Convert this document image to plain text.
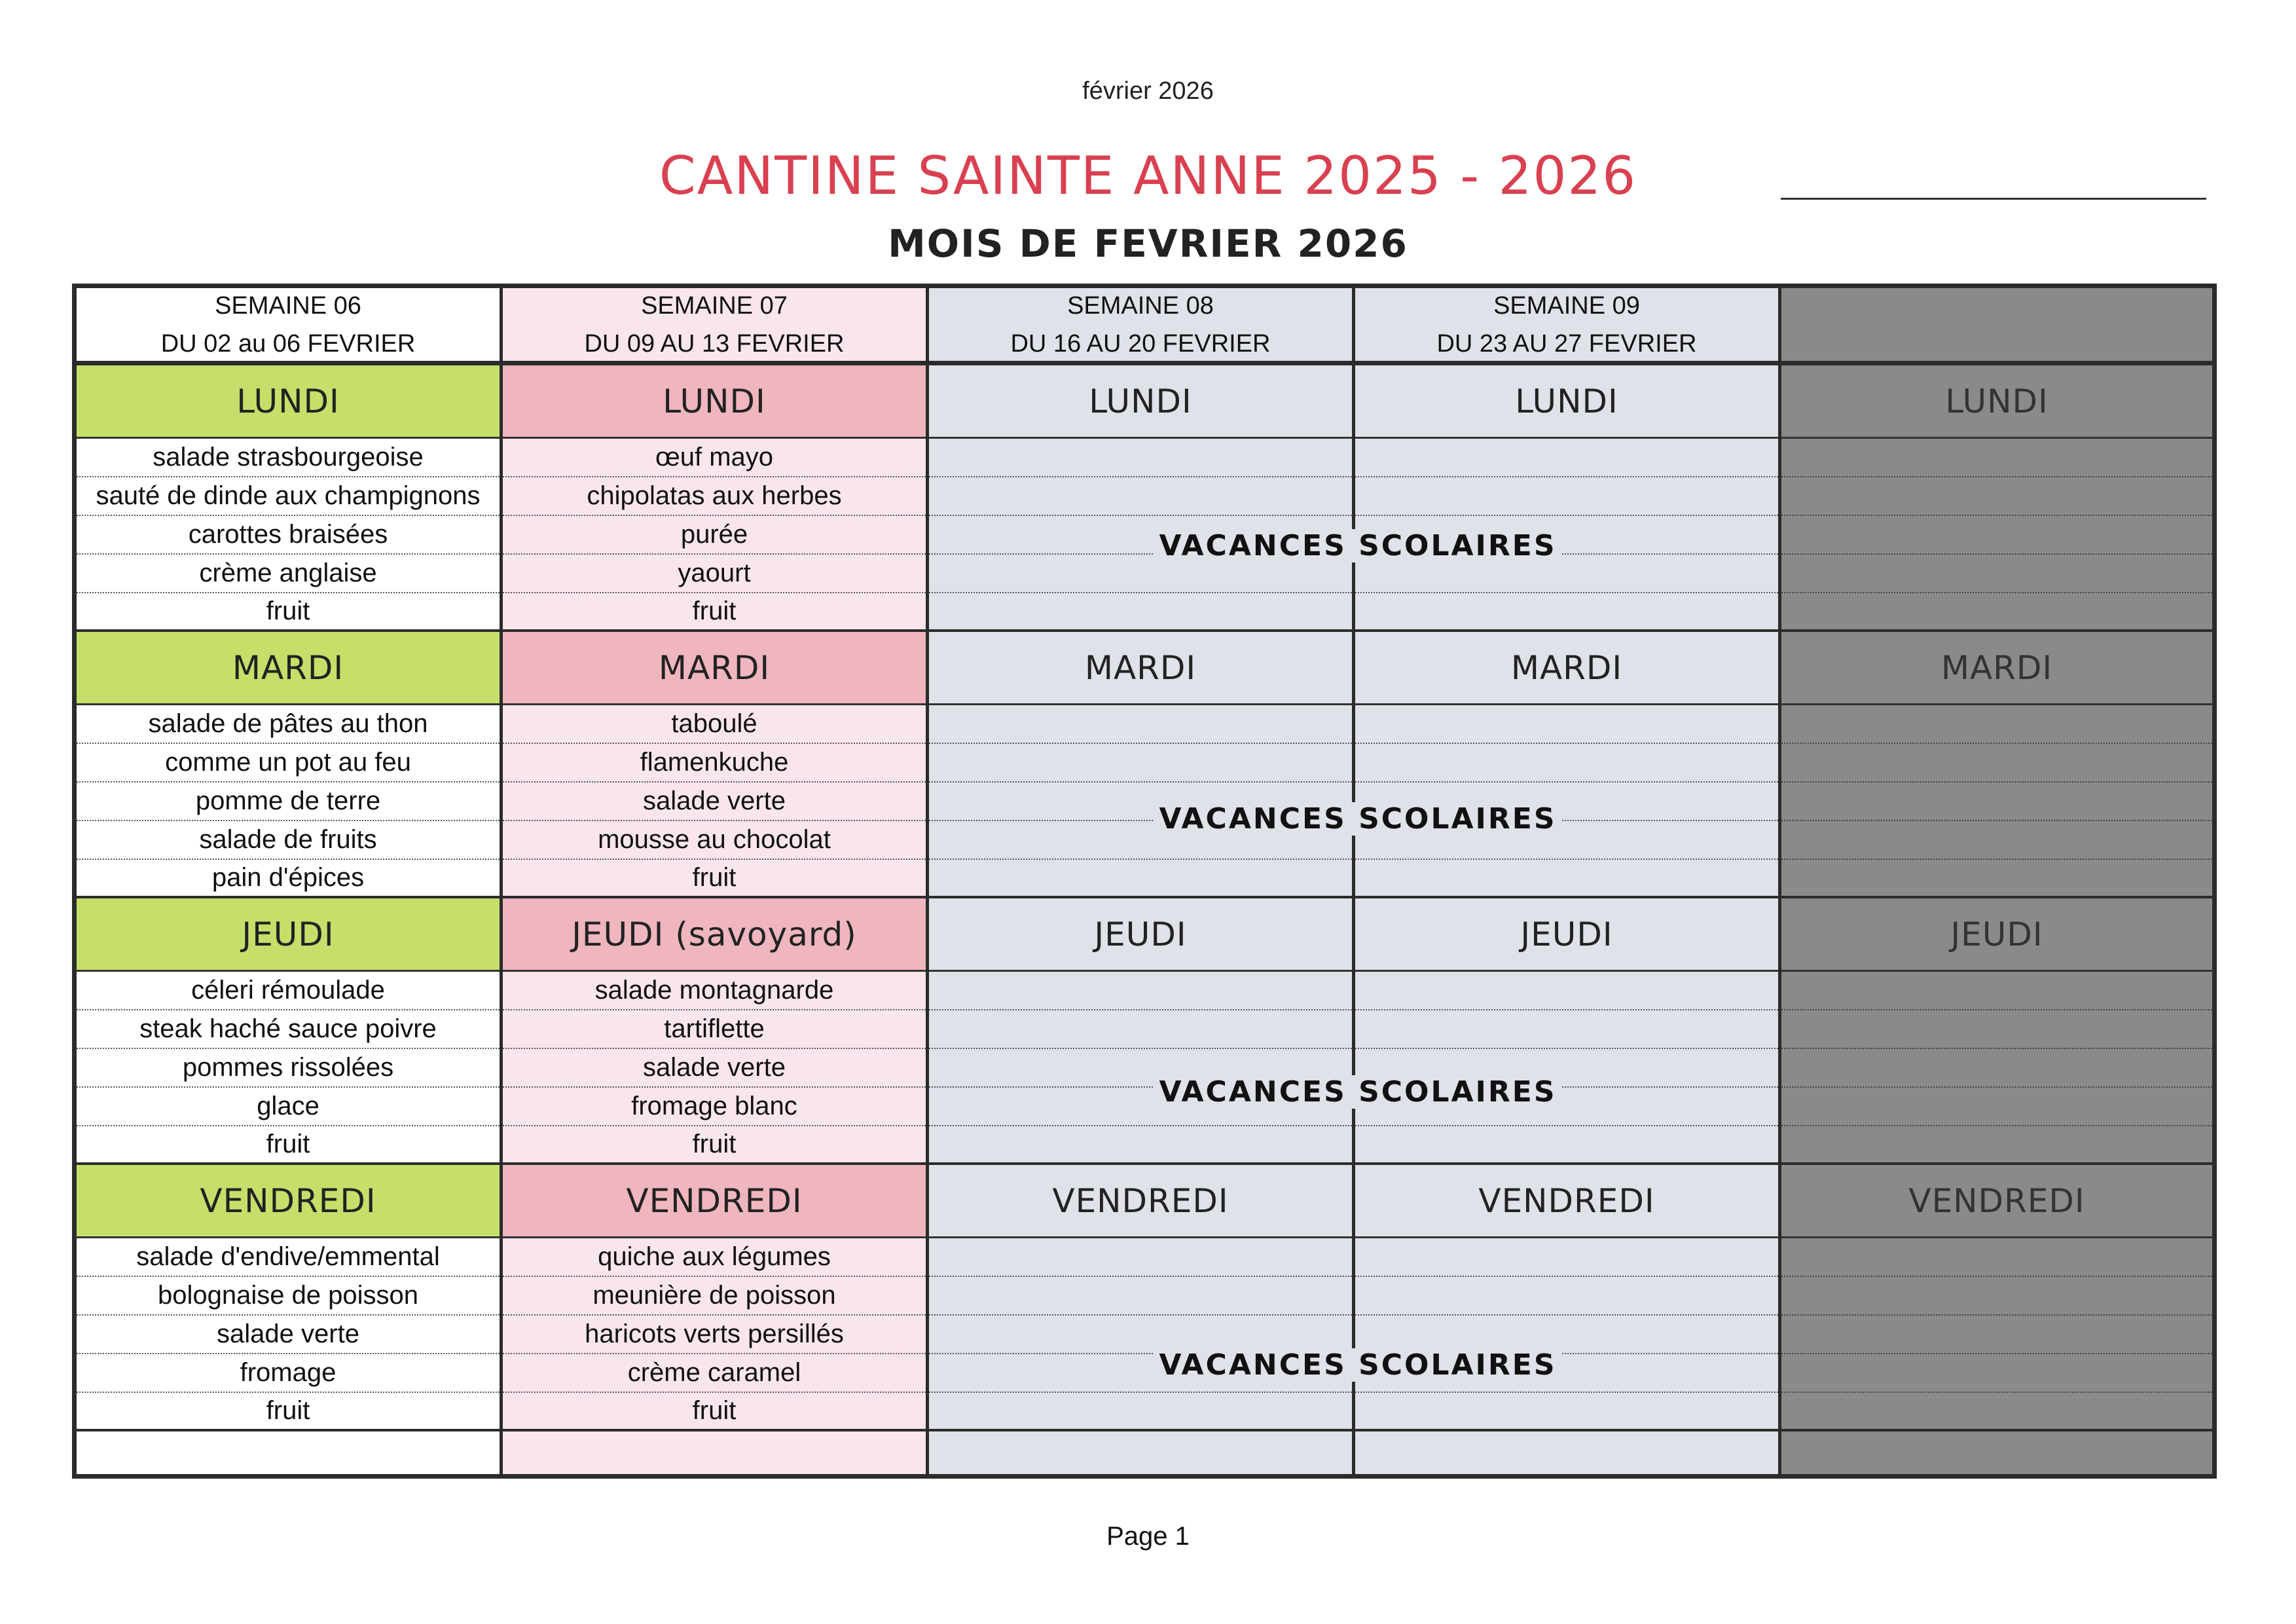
février 2026
CANTINE SAINTE ANNE 2025 - 2026
MOIS DE FEVRIER 2026
SEMAINE 06
DU 02 au 06 FEVRIER
LUNDI
salade strasbourgeoise
sauté de dinde aux champignons
carottes braisées
crème anglaise
fruit
MARDI
salade de pâtes au thon
comme un pot au feu
pomme de terre
salade de fruits
pain d'épices
JEUDI
céleri rémoulade
steak haché sauce poivre
pommes rissolées
glace
fruit
VENDREDI
salade d'endive/emmental
bolognaise de poisson
salade verte
fromage
fruit
SEMAINE 07
DU 09 AU 13 FEVRIER
LUNDI
œuf mayo
chipolatas aux herbes
purée
yaourt
fruit
MARDI
taboulé
flamenkuche
salade verte
mousse au chocolat
fruit
JEUDI (savoyard)
salade montagnarde
tartiflette
salade verte
fromage blanc
fruit
VENDREDI
quiche aux légumes
meunière de poisson
haricots verts persillés
crème caramel
fruit
SEMAINE 08
DU 16 AU 20 FEVRIER
LUNDI
MARDI
JEUDI
VENDREDI
SEMAINE 09
DU 23 AU 27 FEVRIER
LUNDI
MARDI
JEUDI
VENDREDI
LUNDI
MARDI
JEUDI
VENDREDI
VACANCES SCOLAIRES
VACANCES SCOLAIRES
VACANCES SCOLAIRES
VACANCES SCOLAIRES
Page 1
